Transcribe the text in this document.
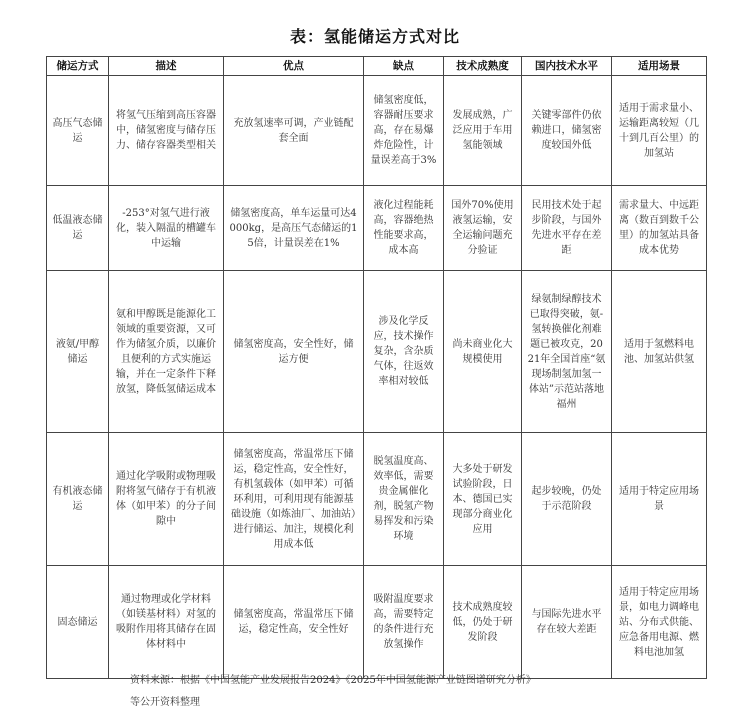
表：氢能储运方式对比
储运方式	描述	优点	缺点	技术成熟度	国内技术水平	适用场景
高压气态储运	将氢气压缩到高压容器中，储氢密度与储存压力、储存容器类型相关	充放氢速率可调，产业链配套全面	储氢密度低，容器耐压要求高，存在易爆炸危险性，计量误差高于3%	发展成熟，广泛应用于车用氢能领域	关键零部件仍依赖进口，储氢密度较国外低	适用于需求量小、运输距离较短（几十到几百公里）的加氢站
低温液态储运	-253°对氢气进行液化，装入隔温的槽罐车中运输	储氢密度高，单车运量可达4000kg，是高压气态储运的15倍，计量误差在1%	液化过程能耗高，容器绝热性能要求高，成本高	国外70%使用液氢运输，安全运输问题充分验证	民用技术处于起步阶段，与国外先进水平存在差距	需求量大、中远距离（数百到数千公里）的加氢站具备成本优势
液氨/甲醇储运	氨和甲醇既是能源化工领域的重要资源，又可作为储氢介质，以廉价且便利的方式实施运输，并在一定条件下释放氢，降低氢储运成本	储氢密度高，安全性好，储运方便	涉及化学反应，技术操作复杂，含杂质气体，往返效率相对较低	尚未商业化大规模使用	绿氨制绿醇技术已取得突破，氨-氢转换催化剂难题已被攻克，2021年全国首座“氨现场制氢加氢一体站”示范站落地福州	适用于氢燃料电池、加氢站供氢
有机液态储运	通过化学吸附或物理吸附将氢气储存于有机液体（如甲苯）的分子间隙中	储氢密度高，常温常压下储运，稳定性高，安全性好，有机氢载体（如甲苯）可循环利用，可利用现有能源基础设施（如炼油厂、加油站）进行储运、加注，规模化利用成本低	脱氢温度高、效率低，需要贵金属催化剂，脱氢产物易挥发和污染环境	大多处于研发试验阶段，日本、德国已实现部分商业化应用	起步较晚，仍处于示范阶段	适用于特定应用场景
固态储运	通过物理或化学材料（如镁基材料）对氢的吸附作用将其储存在固体材料中	储氢密度高，常温常压下储运，稳定性高，安全性好	吸附温度要求高，需要特定的条件进行充放氢操作	技术成熟度较低，仍处于研发阶段	与国际先进水平存在较大差距	适用于特定应用场景，如电力调峰电站、分布式供能、应急备用电源、燃料电池加氢
资料来源：根据《中国氢能产业发展报告2024》《2025年中国氢能源产业链图谱研究分析》
等公开资料整理
